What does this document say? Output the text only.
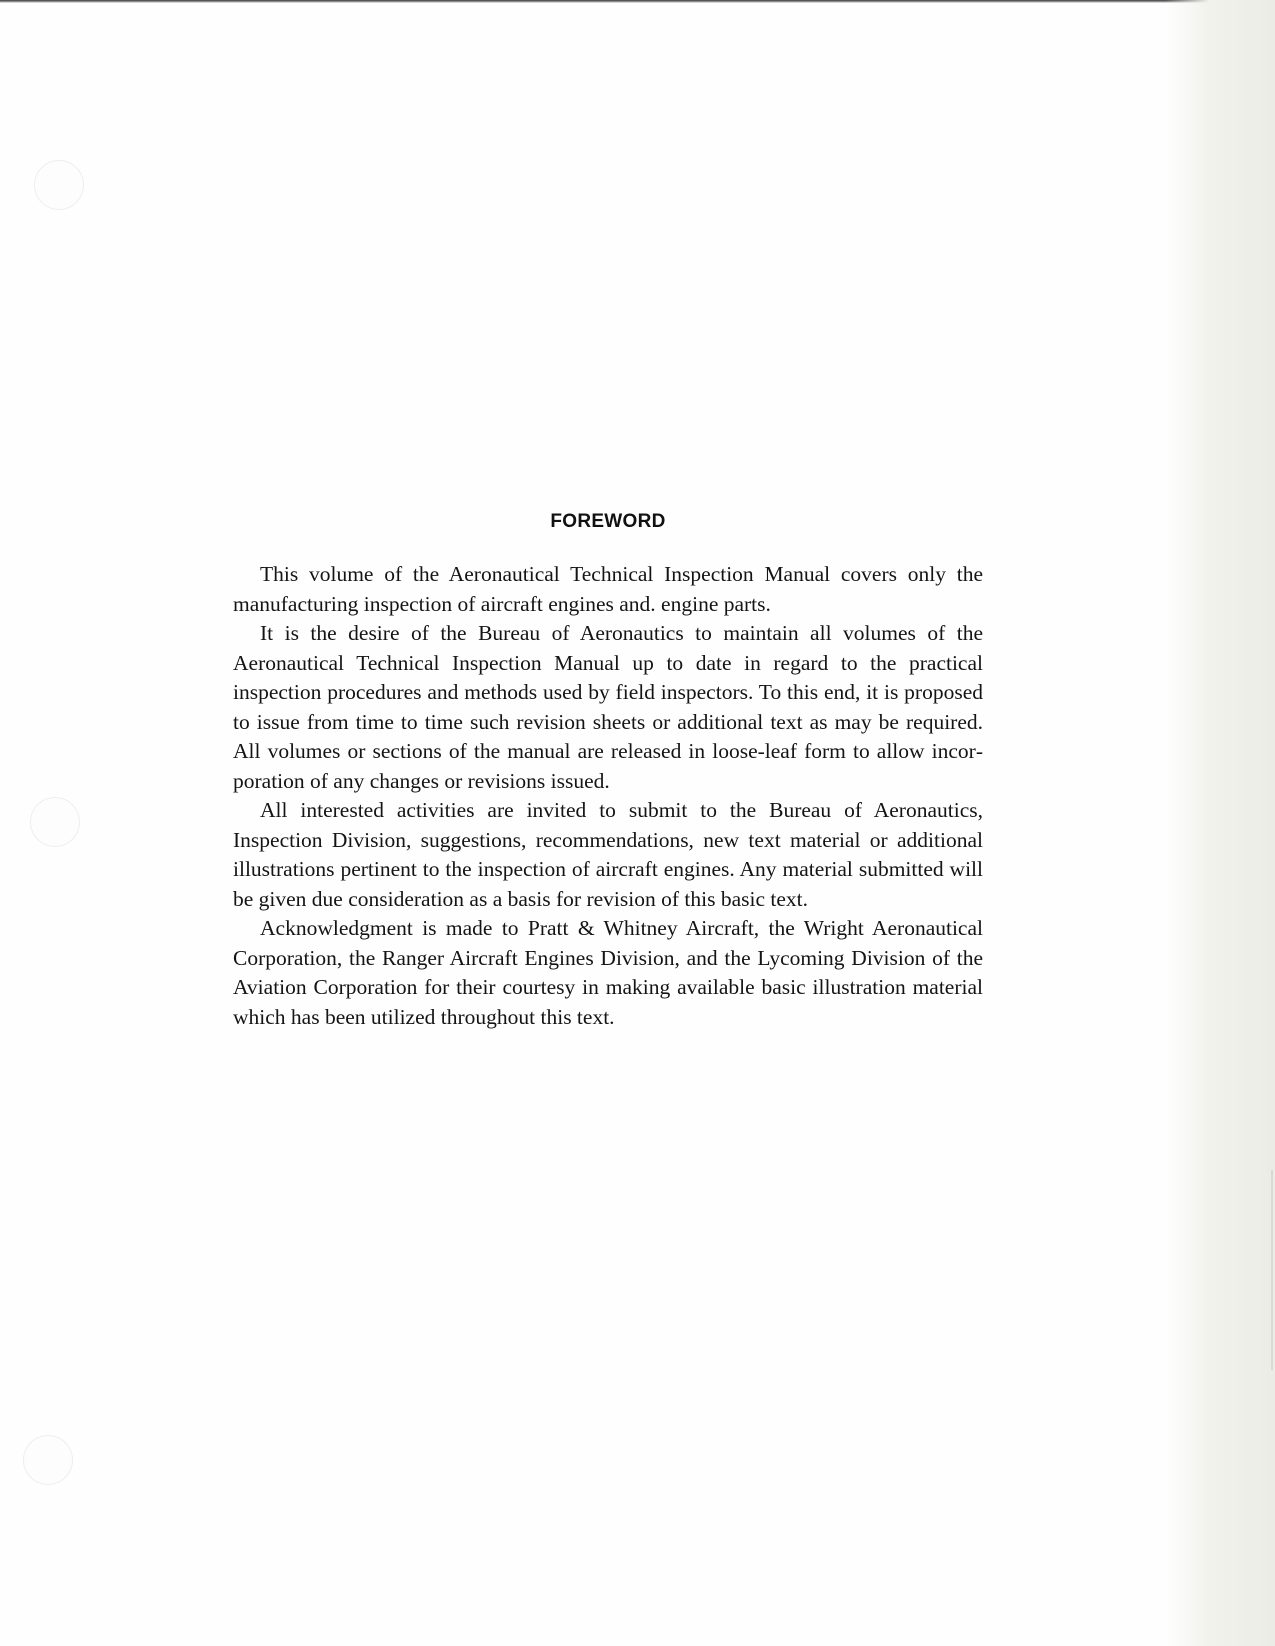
FOREWORD

This volume of the Aeronautical Technical Inspection Manual covers only the manufacturing inspection of aircraft engines and. engine parts.

It is the desire of the Bureau of Aeronautics to maintain all volumes of the Aeronautical Technical Inspection Manual up to date in regard to the practical inspection procedures and methods used by field inspectors. To this end, it is proposed to issue from time to time such revision sheets or additional text as may be required. All volumes or sections of the manual are released in loose-leaf form to allow incorporation of any changes or revisions issued.

All interested activities are invited to submit to the Bureau of Aeronautics, Inspection Division, suggestions, recommendations, new text material or additional illustrations pertinent to the inspection of aircraft engines. Any material submitted will be given due consideration as a basis for revision of this basic text.

Acknowledgment is made to Pratt & Whitney Aircraft, the Wright Aeronautical Corporation, the Ranger Aircraft Engines Division, and the Lycoming Division of the Aviation Corporation for their courtesy in making available basic illustration material which has been utilized throughout this text.
